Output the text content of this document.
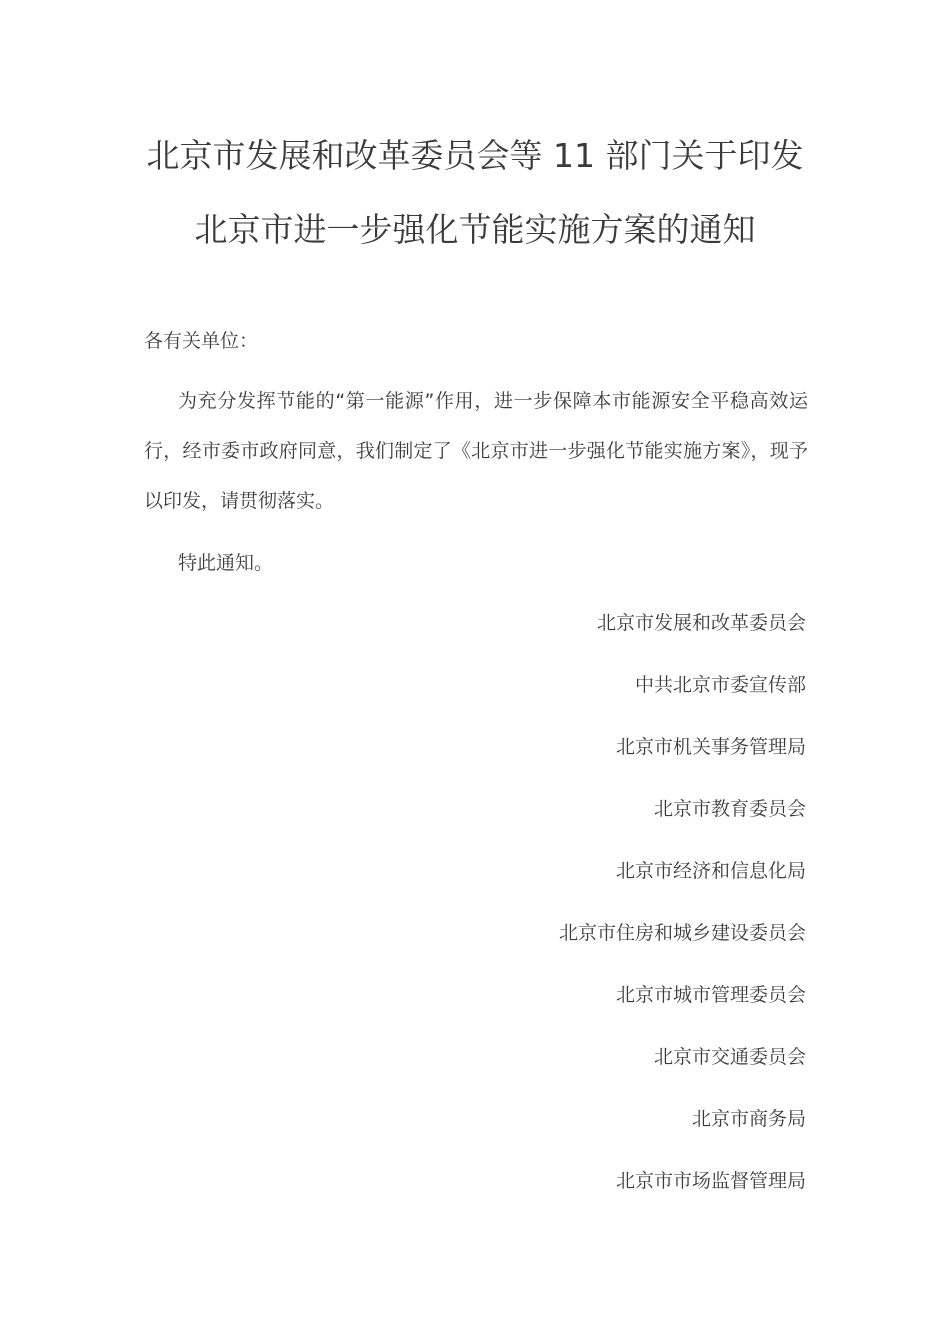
北京市发展和改革委员会等 11 部门关于印发
北京市进一步强化节能实施方案的通知
各有关单位：
为充分发挥节能的“第一能源”作用，进一步保障本市能源安全平稳高效运行，经市委市政府同意，我们制定了《北京市进一步强化节能实施方案》，现予以印发，请贯彻落实。
特此通知。
北京市发展和改革委员会
中共北京市委宣传部
北京市机关事务管理局
北京市教育委员会
北京市经济和信息化局
北京市住房和城乡建设委员会
北京市城市管理委员会
北京市交通委员会
北京市商务局
北京市市场监督管理局
